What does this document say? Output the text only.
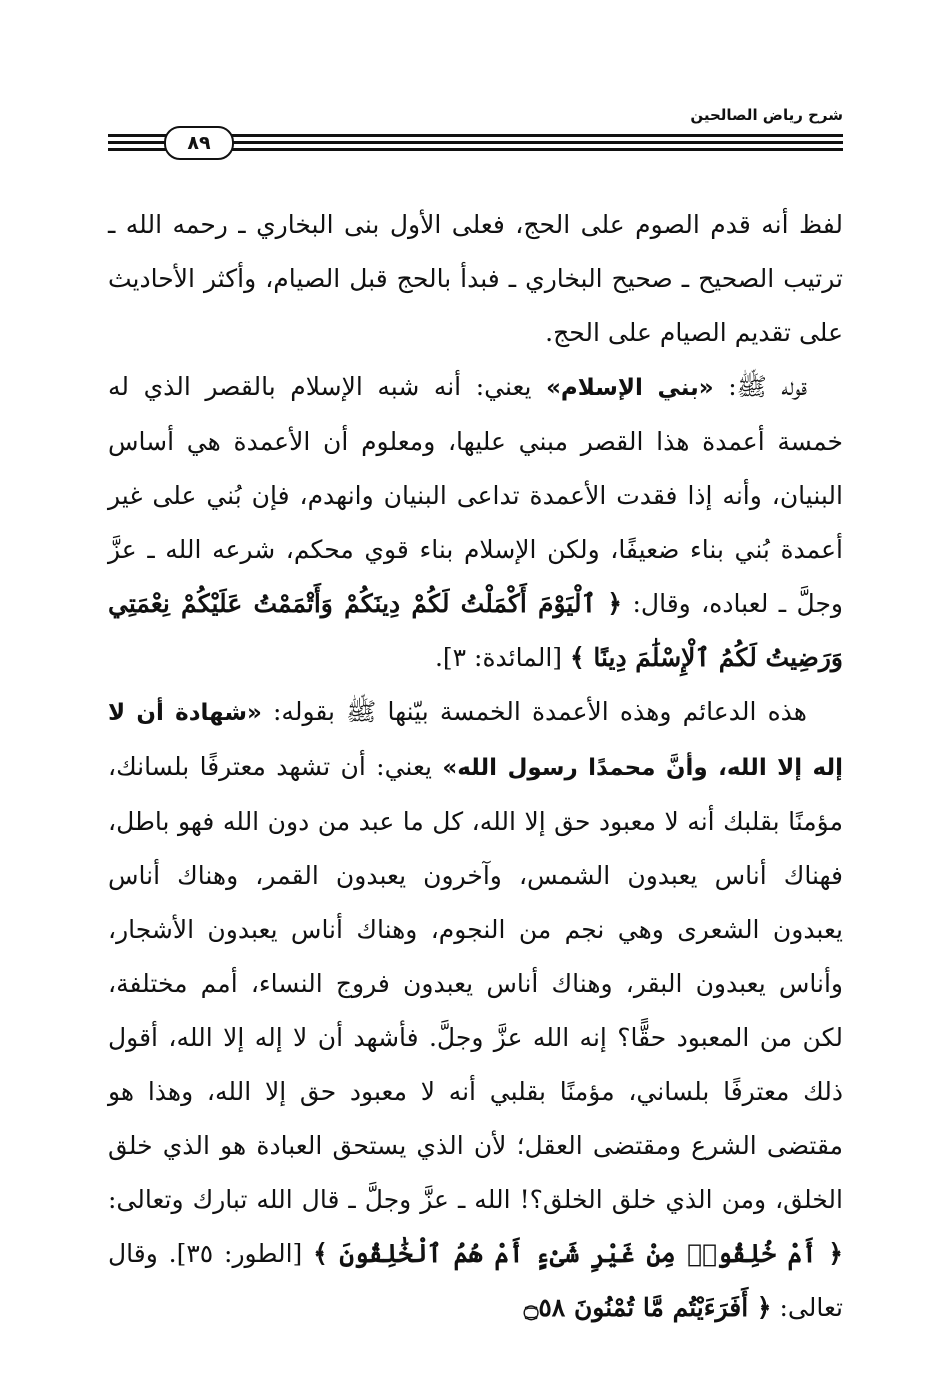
٨٩
شرح رياض الصالحين

لفظ أنه قدم الصوم على الحج، فعلى الأول بنى البخاري ـ رحمه الله ـ ترتيب الصحيح ـ صحيح البخاري ـ فبدأ بالحج قبل الصيام، وأكثر الأحاديث على تقديم الصيام على الحج.

قوله ﷺ: «بني الإسلام» يعني: أنه شبه الإسلام بالقصر الذي له خمسة أعمدة هذا القصر مبني عليها، ومعلوم أن الأعمدة هي أساس البنيان، وأنه إذا فقدت الأعمدة تداعى البنيان وانهدم، فإن بُني على غير أعمدة بُني بناء ضعيفًا، ولكن الإسلام بناء قوي محكم، شرعه الله ـ عزَّ وجلَّ ـ لعباده، وقال: ﴿ ٱلْيَوْمَ أَكْمَلْتُ لَكُمْ دِينَكُمْ وَأَتْمَمْتُ عَلَيْكُمْ نِعْمَتِي وَرَضِيتُ لَكُمُ ٱلْإِسْلَٰمَ دِينًا ﴾ [المائدة: ٣].

هذه الدعائم وهذه الأعمدة الخمسة بيّنها ﷺ بقوله: «شهادة أن لا إله إلا الله، وأنَّ محمدًا رسول الله» يعني: أن تشهد معترفًا بلسانك، مؤمنًا بقلبك أنه لا معبود حق إلا الله، كل ما عبد من دون الله فهو باطل، فهناك أناس يعبدون الشمس، وآخرون يعبدون القمر، وهناك أناس يعبدون الشعرى وهي نجم من النجوم، وهناك أناس يعبدون الأشجار، وأناس يعبدون البقر، وهناك أناس يعبدون فروج النساء، أمم مختلفة، لكن من المعبود حقًّا؟ إنه الله عزَّ وجلَّ. فأشهد أن لا إله إلا الله، أقول ذلك معترفًا بلساني، مؤمنًا بقلبي أنه لا معبود حق إلا الله، وهذا هو مقتضى الشرع ومقتضى العقل؛ لأن الذي يستحق العبادة هو الذي خلق الخلق، ومن الذي خلق الخلق؟! الله ـ عزَّ وجلَّ ـ قال الله تبارك وتعالى: ﴿ أَمْ خُلِقُوا۟ مِنْ غَيْرِ شَىْءٍ أَمْ هُمُ ٱلْخَٰلِقُونَ ﴾ [الطور: ٣٥]. وقال تعالى: ﴿ أَفَرَءَيْتُم مَّا تُمْنُونَ ۝٥٨
